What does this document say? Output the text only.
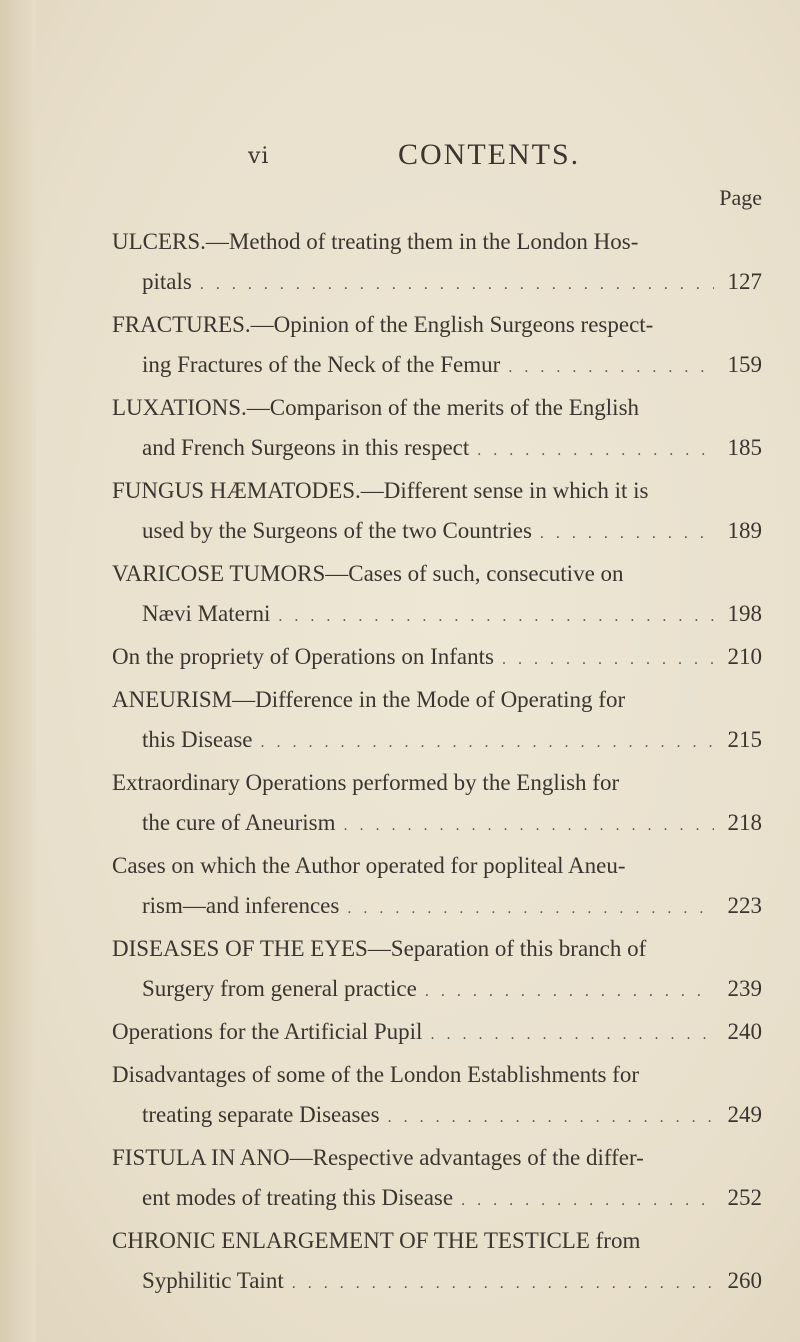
vi	CONTENTS.
Page
ULCERS.—Method of treating them in the London Hos-
pitals . . .	127
FRACTURES.—Opinion of the English Surgeons respect-
ing Fractures of the Neck of the Femur . . .	159
LUXATIONS.—Comparison of the merits of the English
and French Surgeons in this respect . . .	185
FUNGUS HÆMATODES.—Different sense in which it is
used by the Surgeons of the two Countries . . .	189
VARICOSE TUMORS—Cases of such, consecutive on
Nævi Materni . . .	198
On the propriety of Operations on Infants . . .	210
ANEURISM—Difference in the Mode of Operating for
this Disease . . .	215
Extraordinary Operations performed by the English for
the cure of Aneurism . . .	218
Cases on which the Author operated for popliteal Aneu-
rism—and inferences . . .	223
DISEASES OF THE EYES—Separation of this branch of
Surgery from general practice . . .	239
Operations for the Artificial Pupil . . .	240
Disadvantages of some of the London Establishments for
treating separate Diseases . . .	249
FISTULA IN ANO—Respective advantages of the differ-
ent modes of treating this Disease . . .	252
CHRONIC ENLARGEMENT OF THE TESTICLE from
Syphilitic Taint . . .	260
